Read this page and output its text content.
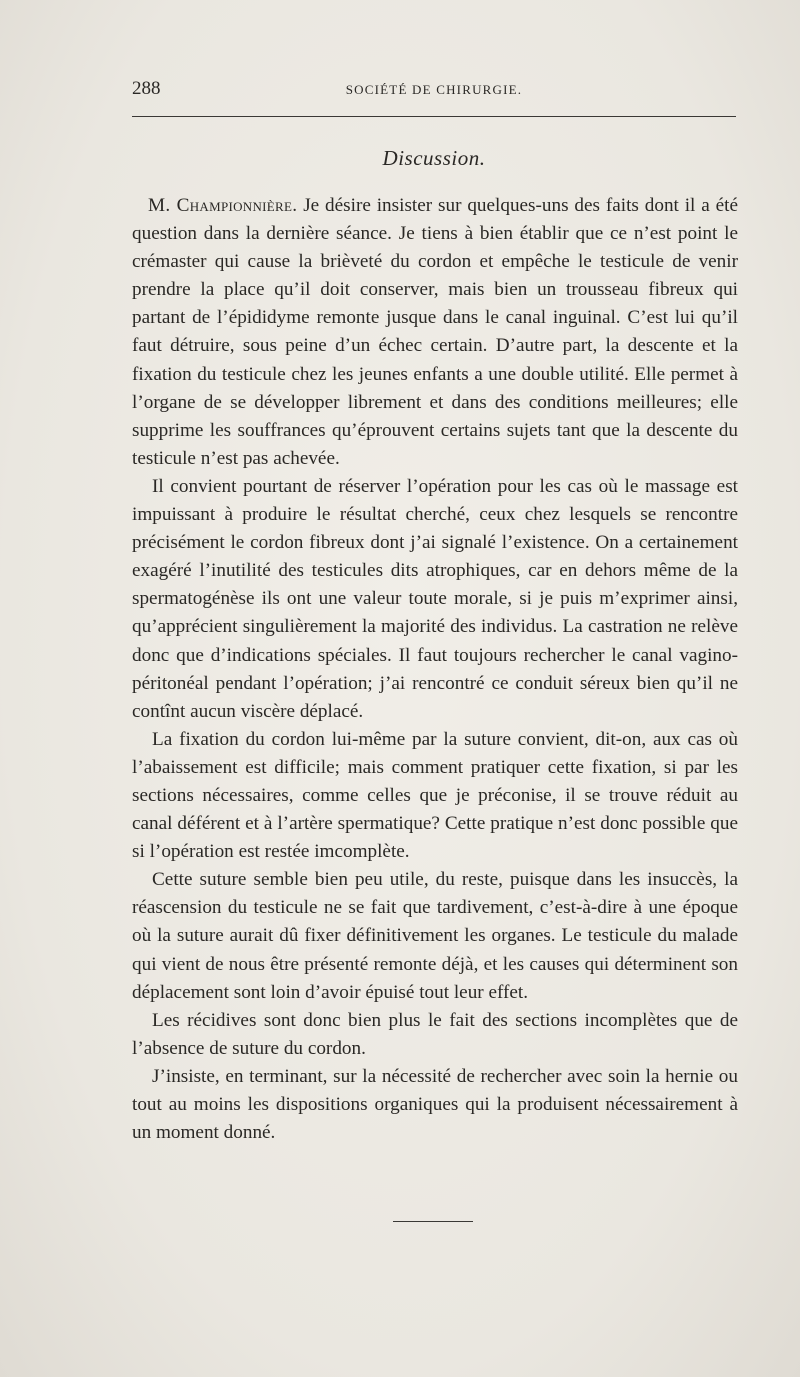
288	SOCIÉTÉ DE CHIRURGIE.
Discussion.

M. Championnière. Je désire insister sur quelques-uns des faits dont il a été question dans la dernière séance. Je tiens à bien établir que ce n’est point le crémaster qui cause la brièveté du cordon et empêche le testicule de venir prendre la place qu’il doit conserver, mais bien un trousseau fibreux qui partant de l’épididyme remonte jusque dans le canal inguinal. C’est lui qu’il faut détruire, sous peine d’un échec certain. D’autre part, la descente et la fixation du testicule chez les jeunes enfants a une double utilité. Elle permet à l’organe de se développer librement et dans des conditions meilleures; elle supprime les souffrances qu’éprouvent certains sujets tant que la descente du testicule n’est pas achevée.

Il convient pourtant de réserver l’opération pour les cas où le massage est impuissant à produire le résultat cherché, ceux chez lesquels se rencontre précisément le cordon fibreux dont j’ai signalé l’existence. On a certainement exagéré l’inutilité des testicules dits atrophiques, car en dehors même de la spermatogénèse ils ont une valeur toute morale, si je puis m’exprimer ainsi, qu’apprécient singulièrement la majorité des individus. La castration ne relève donc que d’indications spéciales. Il faut toujours rechercher le canal vagino-péritonéal pendant l’opération; j’ai rencontré ce conduit séreux bien qu’il ne contînt aucun viscère déplacé.

La fixation du cordon lui-même par la suture convient, dit-on, aux cas où l’abaissement est difficile; mais comment pratiquer cette fixation, si par les sections nécessaires, comme celles que je préconise, il se trouve réduit au canal déférent et à l’artère spermatique? Cette pratique n’est donc possible que si l’opération est restée imcomplète.

Cette suture semble bien peu utile, du reste, puisque dans les insuccès, la réascension du testicule ne se fait que tardivement, c’est-à-dire à une époque où la suture aurait dû fixer définitivement les organes. Le testicule du malade qui vient de nous être présenté remonte déjà, et les causes qui déterminent son déplacement sont loin d’avoir épuisé tout leur effet.

Les récidives sont donc bien plus le fait des sections incomplètes que de l’absence de suture du cordon.

J’insiste, en terminant, sur la nécessité de rechercher avec soin la hernie ou tout au moins les dispositions organiques qui la produisent nécessairement à un moment donné.
